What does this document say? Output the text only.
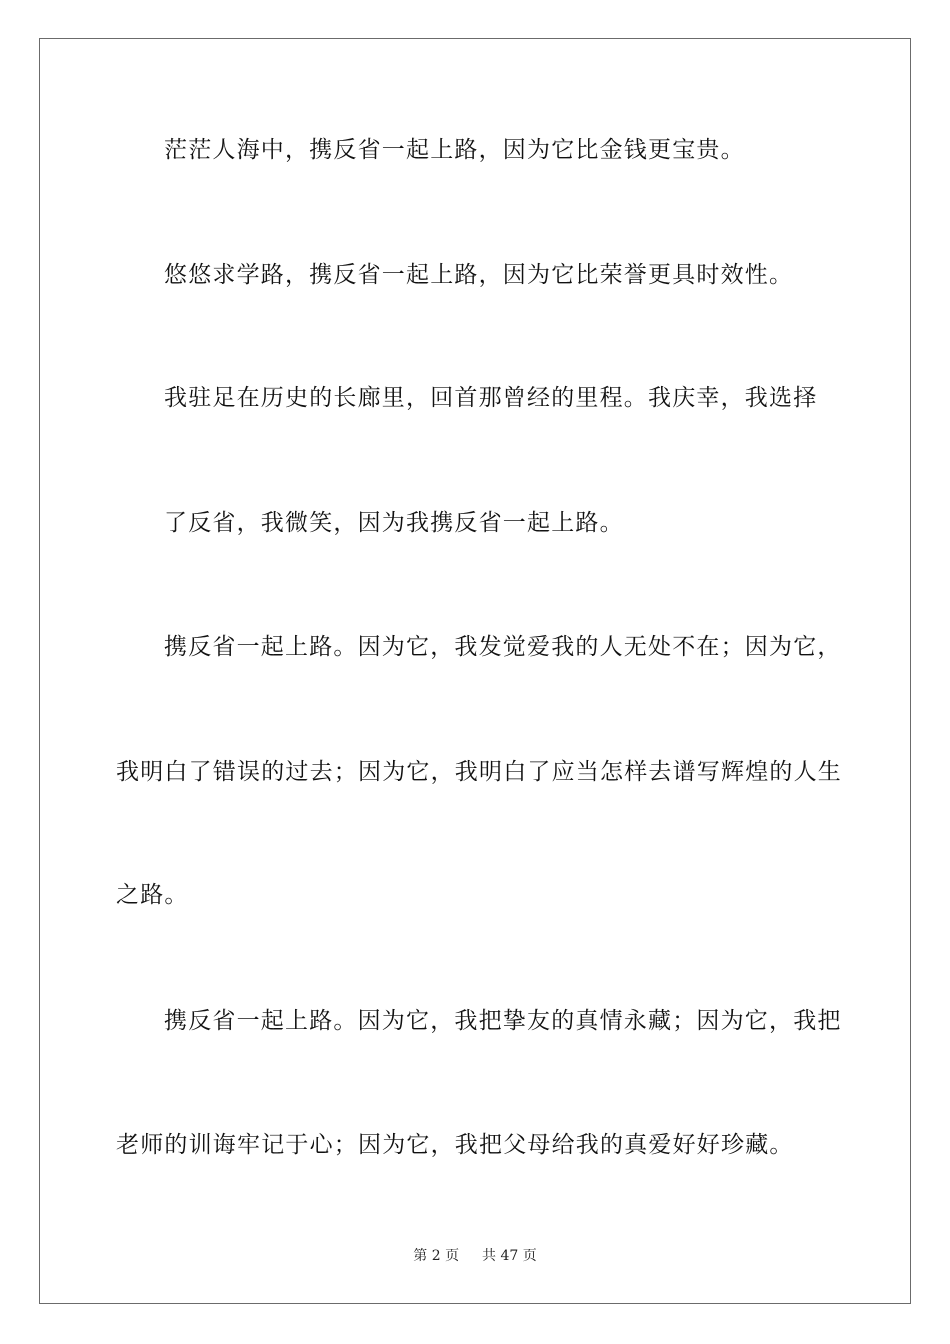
茫茫人海中，携反省一起上路，因为它比金钱更宝贵。
悠悠求学路，携反省一起上路，因为它比荣誉更具时效性。
我驻足在历史的长廊里，回首那曾经的里程。我庆幸，我选择
了反省，我微笑，因为我携反省一起上路。
携反省一起上路。因为它，我发觉爱我的人无处不在；因为它，
我明白了错误的过去；因为它，我明白了应当怎样去谱写辉煌的人生
之路。
携反省一起上路。因为它，我把挚友的真情永藏；因为它，我把
老师的训诲牢记于心；因为它，我把父母给我的真爱好好珍藏。
第 2 页 共 47 页
